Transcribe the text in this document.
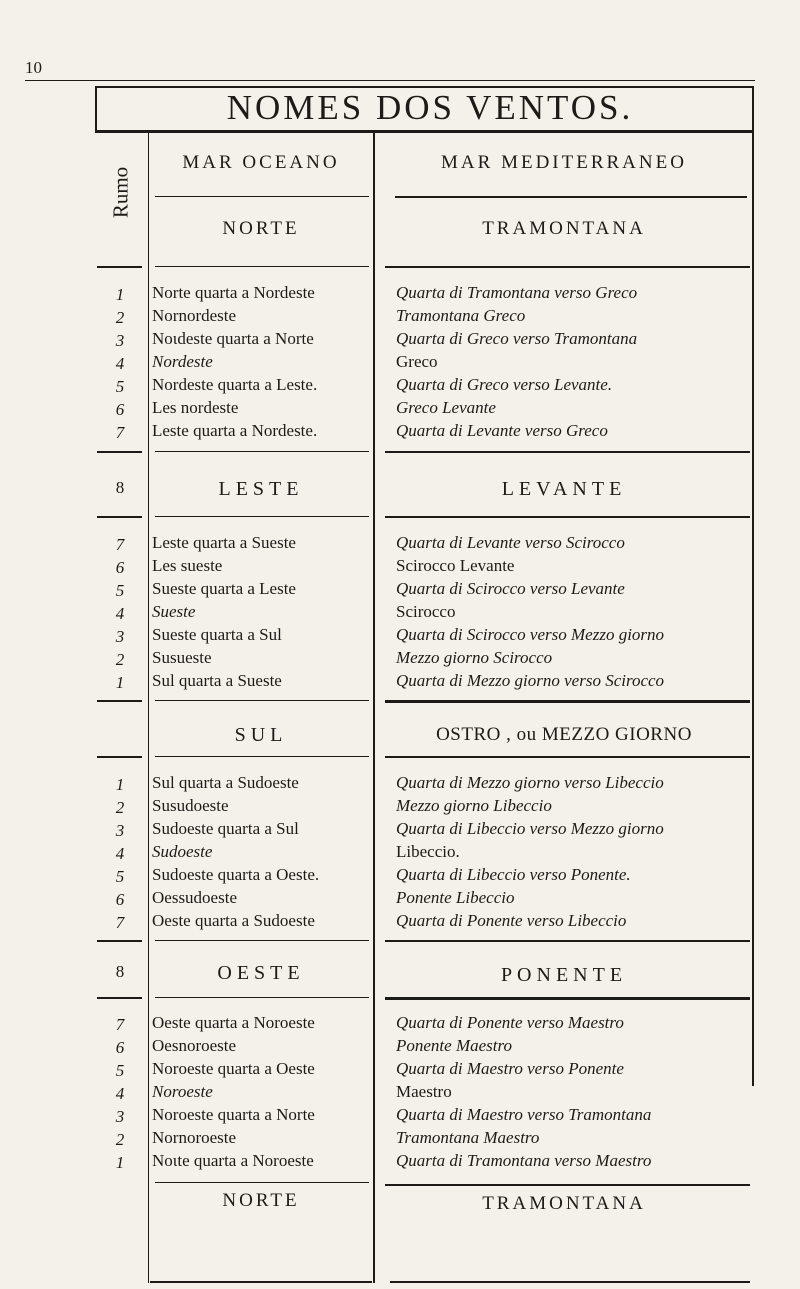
10
NOMES DOS VENTOS.
Rumo
MAR OCEANO	MAR MEDITERRANEO
NORTE	TRAMONTANA
1	Norte quarta a Nordeste	Quarta di Tramontana verso Greco
2	Nornordeste	Tramontana Greco
3	Noιdeste quarta a Norte	Quarta di Greco verso Tramontana
4	Nordeste	Greco
5	Nordeste quarta a Leste.	Quarta di Greco verso Levante.
6	Les nordeste	Greco Levante
7	Leste quarta a Nordeste.	Quarta di Levante verso Greco
8	LESTE	LEVANTE
7	Leste quarta a Sueste	Quarta di Levante verso Scirocco
6	Les sueste	Scirocco Levante
5	Sueste quarta a Leste	Quarta di Scirocco verso Levante
4	Sueste	Scirocco
3	Sueste quarta a Sul	Quarta di Scirocco verso Mezzo giorno
2	Susueste	Mezzo giorno Scirocco
1	Sul quarta a Sueste	Quarta di Mezzo giorno verso Scirocco
SUL	OSTRO , ou MEZZO GIORNO
1	Sul quarta a Sudoeste	Quarta di Mezzo giorno verso Libeccio
2	Susudoeste	Mezzo giorno Libeccio
3	Sudoeste quarta a Sul	Quarta di Libeccio verso Mezzo giorno
4	Sudoeste	Libeccio.
5	Sudoeste quarta a Oeste.	Quarta di Libeccio verso Ponente.
6	Oessudoeste	Ponente Libeccio
7	Oeste quarta a Sudoeste	Quarta di Ponente verso Libeccio
8	OESTE	PONENTE
7	Oeste quarta a Noroeste	Quarta di Ponente verso Maestro
6	Oesnoroeste	Ponente Maestro
5	Noroeste quarta a Oeste	Quarta di Maestro verso Ponente
4	Noroeste	Maestro
3	Noroeste quarta a Norte	Quarta di Maestro verso Tramontana
2	Nornoroeste	Tramontana Maestro
1	Noιte quarta a Noroeste	Quarta di Tramontana verso Maestro
NORTE	TRAMONTANA
